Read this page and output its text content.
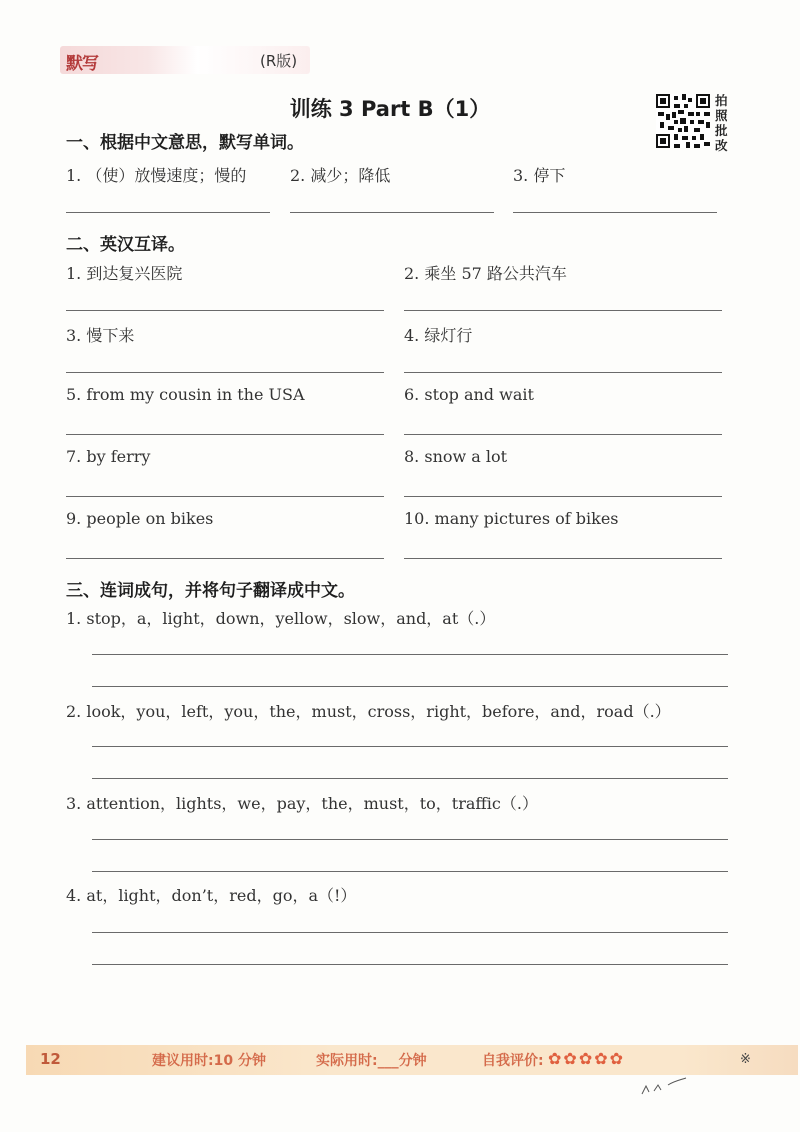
默写	(R版)
训练 3 Part B（1）	拍照批改
一、根据中文意思，默写单词。
1. （使）放慢速度；慢的	2. 减少；降低	3. 停下
二、英汉互译。
1. 到达复兴医院	2. 乘坐 57 路公共汽车
3. 慢下来	4. 绿灯行
5. from my cousin in the USA	6. stop and wait
7. by ferry	8. snow a lot
9. people on bikes	10. many pictures of bikes
三、连词成句，并将句子翻译成中文。
1. stop，a，light，down，yellow，slow，and，at（.）
2. look，you，left，you，the，must，cross，right，before，and，road（.）
3. attention，lights，we，pay，the，must，to，traffic（.）
4. at，light，don’t，red，go，a（!）
12	建议用时:10 分钟	实际用时:___分钟	自我评价: ✿✿✿✿✿	※
